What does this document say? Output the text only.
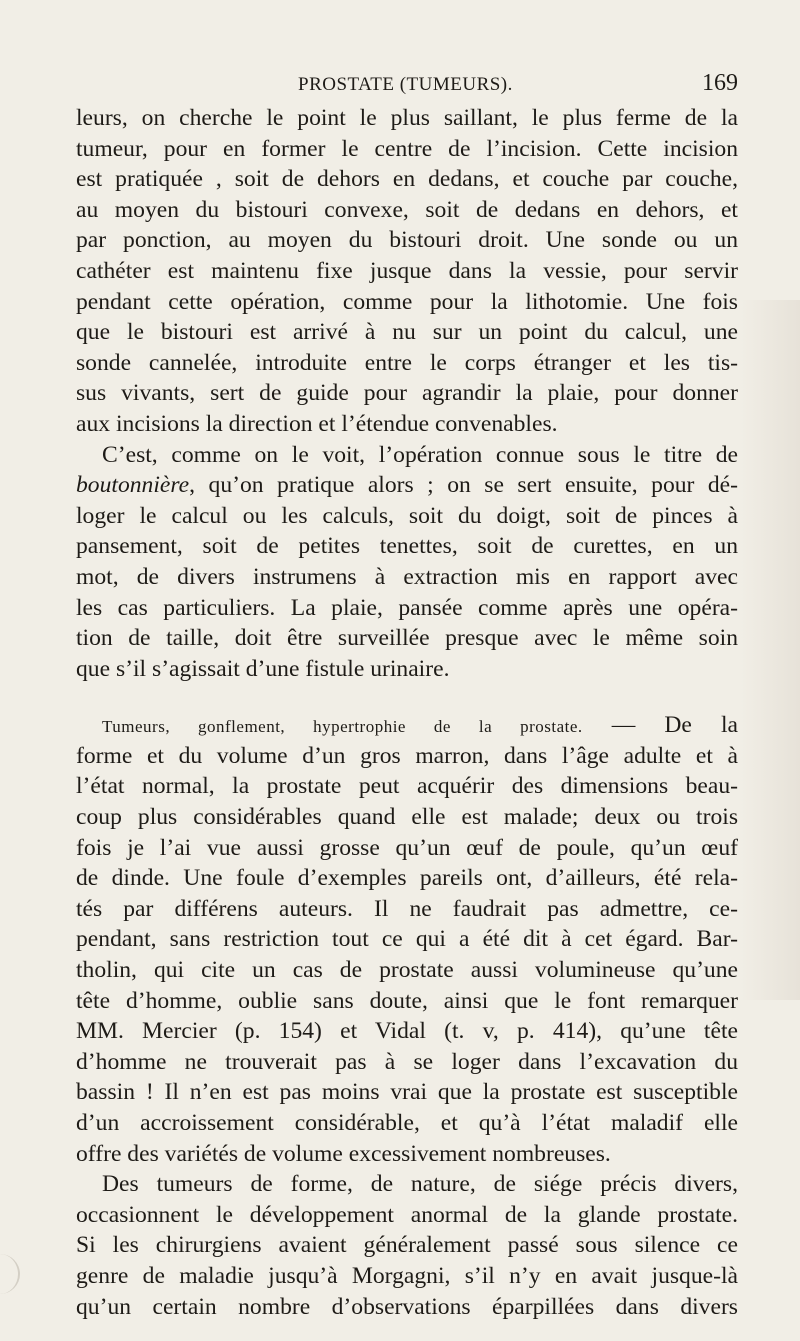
PROSTATE (TUMEURS).	169
leurs, on cherche le point le plus saillant, le plus ferme de la
tumeur, pour en former le centre de l’incision. Cette incision
est pratiquée , soit de dehors en dedans, et couche par couche,
au moyen du bistouri convexe, soit de dedans en dehors, et
par ponction, au moyen du bistouri droit. Une sonde ou un
cathéter est maintenu fixe jusque dans la vessie, pour servir
pendant cette opération, comme pour la lithotomie. Une fois
que le bistouri est arrivé à nu sur un point du calcul, une
sonde cannelée, introduite entre le corps étranger et les tis-
sus vivants, sert de guide pour agrandir la plaie, pour donner
aux incisions la direction et l’étendue convenables.
C’est, comme on le voit, l’opération connue sous le titre de
boutonnière, qu’on pratique alors ; on se sert ensuite, pour dé-
loger le calcul ou les calculs, soit du doigt, soit de pinces à
pansement, soit de petites tenettes, soit de curettes, en un
mot, de divers instrumens à extraction mis en rapport avec
les cas particuliers. La plaie, pansée comme après une opéra-
tion de taille, doit être surveillée presque avec le même soin
que s’il s’agissait d’une fistule urinaire.
Tumeurs, gonflement, hypertrophie de la prostate. — De la
forme et du volume d’un gros marron, dans l’âge adulte et à
l’état normal, la prostate peut acquérir des dimensions beau-
coup plus considérables quand elle est malade; deux ou trois
fois je l’ai vue aussi grosse qu’un œuf de poule, qu’un œuf
de dinde. Une foule d’exemples pareils ont, d’ailleurs, été rela-
tés par différens auteurs. Il ne faudrait pas admettre, ce-
pendant, sans restriction tout ce qui a été dit à cet égard. Bar-
tholin, qui cite un cas de prostate aussi volumineuse qu’une
tête d’homme, oublie sans doute, ainsi que le font remarquer
MM. Mercier (p. 154) et Vidal (t. v, p. 414), qu’une tête
d’homme ne trouverait pas à se loger dans l’excavation du
bassin ! Il n’en est pas moins vrai que la prostate est susceptible
d’un accroissement considérable, et qu’à l’état maladif elle
offre des variétés de volume excessivement nombreuses.
Des tumeurs de forme, de nature, de siége précis divers,
occasionnent le développement anormal de la glande prostate.
Si les chirurgiens avaient généralement passé sous silence ce
genre de maladie jusqu’à Morgagni, s’il n’y en avait jusque-là
qu’un certain nombre d’observations éparpillées dans divers
